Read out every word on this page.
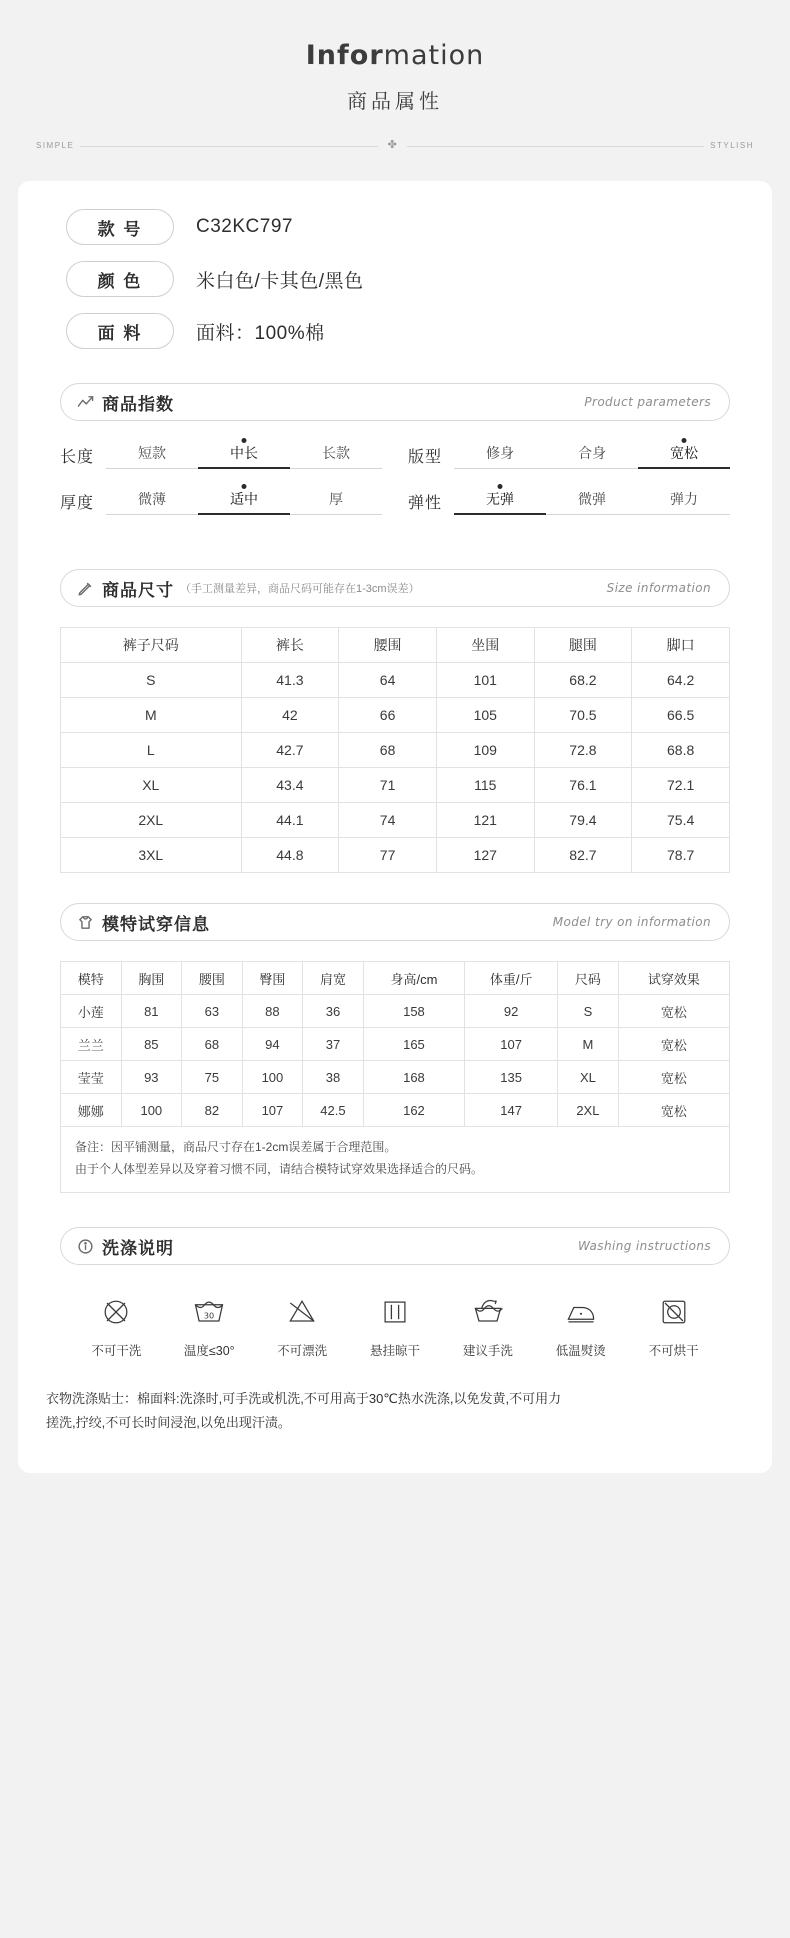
Information
商品属性
SIMPLE	✤	STYLISH
款 号	C32KC797
颜 色	米白色/卡其色/黑色
面 料	面料：100%棉
商品指数	Product parameters
长度	短款	中长	长款
厚度	微薄	适中	厚
版型	修身	合身	宽松
弹性	无弹	微弹	弹力
商品尺寸 （手工测量差异，商品尺码可能存在1-3cm误差）	Size information
裤子尺码	裤长	腰围	坐围	腿围	脚口
S	41.3	64	101	68.2	64.2
M	42	66	105	70.5	66.5
L	42.7	68	109	72.8	68.8
XL	43.4	71	115	76.1	72.1
2XL	44.1	74	121	79.4	75.4
3XL	44.8	77	127	82.7	78.7
模特试穿信息	Model try on information
模特	胸围	腰围	臀围	肩宽	身高/cm	体重/斤	尺码	试穿效果
小莲	81	63	88	36	158	92	S	宽松
兰兰	85	68	94	37	165	107	M	宽松
莹莹	93	75	100	38	168	135	XL	宽松
娜娜	100	82	107	42.5	162	147	2XL	宽松
备注：因平铺测量，商品尺寸存在1-2cm误差属于合理范围。
由于个人体型差异以及穿着习惯不同，请结合模特试穿效果选择适合的尺码。
洗涤说明	Washing instructions
不可干洗
30
温度≤30°	不可漂洗	悬挂晾干	建议手洗	低温熨烫	不可烘干
衣物洗涤贴士：棉面料:洗涤时,可手洗或机洗,不可用高于30℃热水洗涤,以免发黄,不可用力
搓洗,拧绞,不可长时间浸泡,以免出现汗渍。
